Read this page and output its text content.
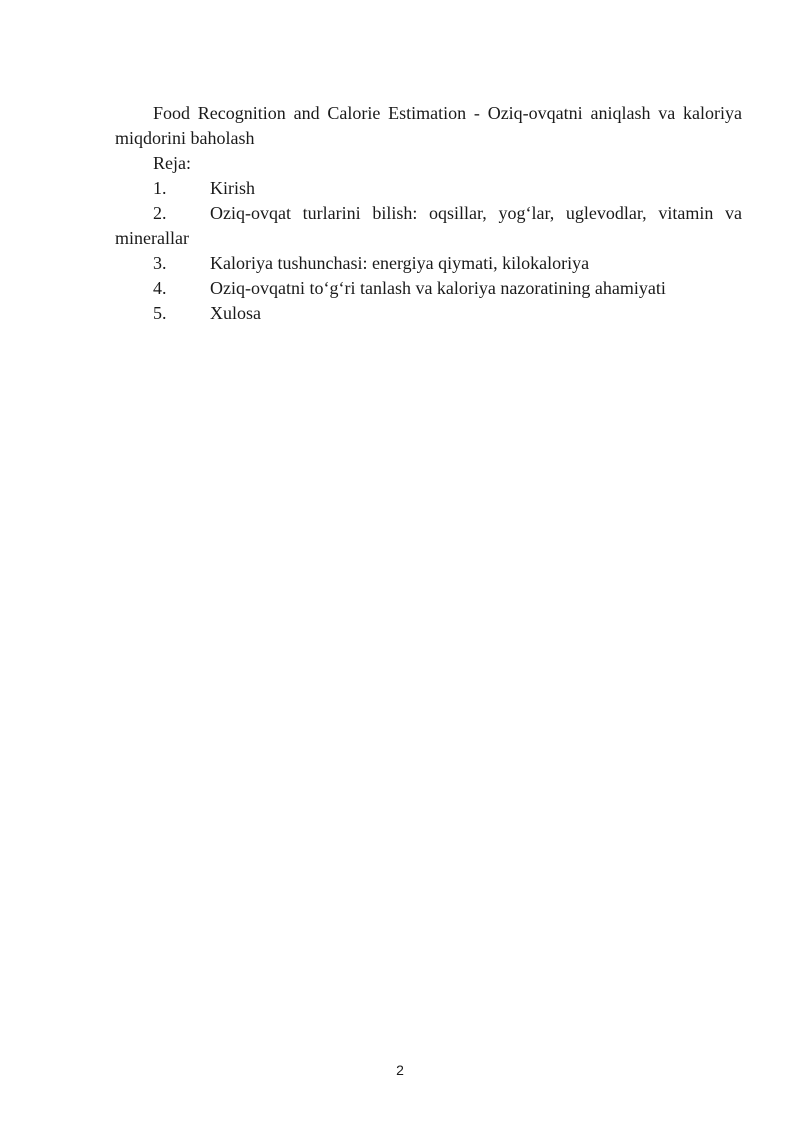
Food Recognition and Calorie Estimation - Oziq-ovqatni aniqlash va kaloriya miqdorini baholash

Reja:

1. Kirish
2. Oziq-ovqat turlarini bilish: oqsillar, yog‘lar, uglevodlar, vitamin va minerallar
3. Kaloriya tushunchasi: energiya qiymati, kilokaloriya
4. Oziq-ovqatni to‘g‘ri tanlash va kaloriya nazoratining ahamiyati
5. Xulosa
2
